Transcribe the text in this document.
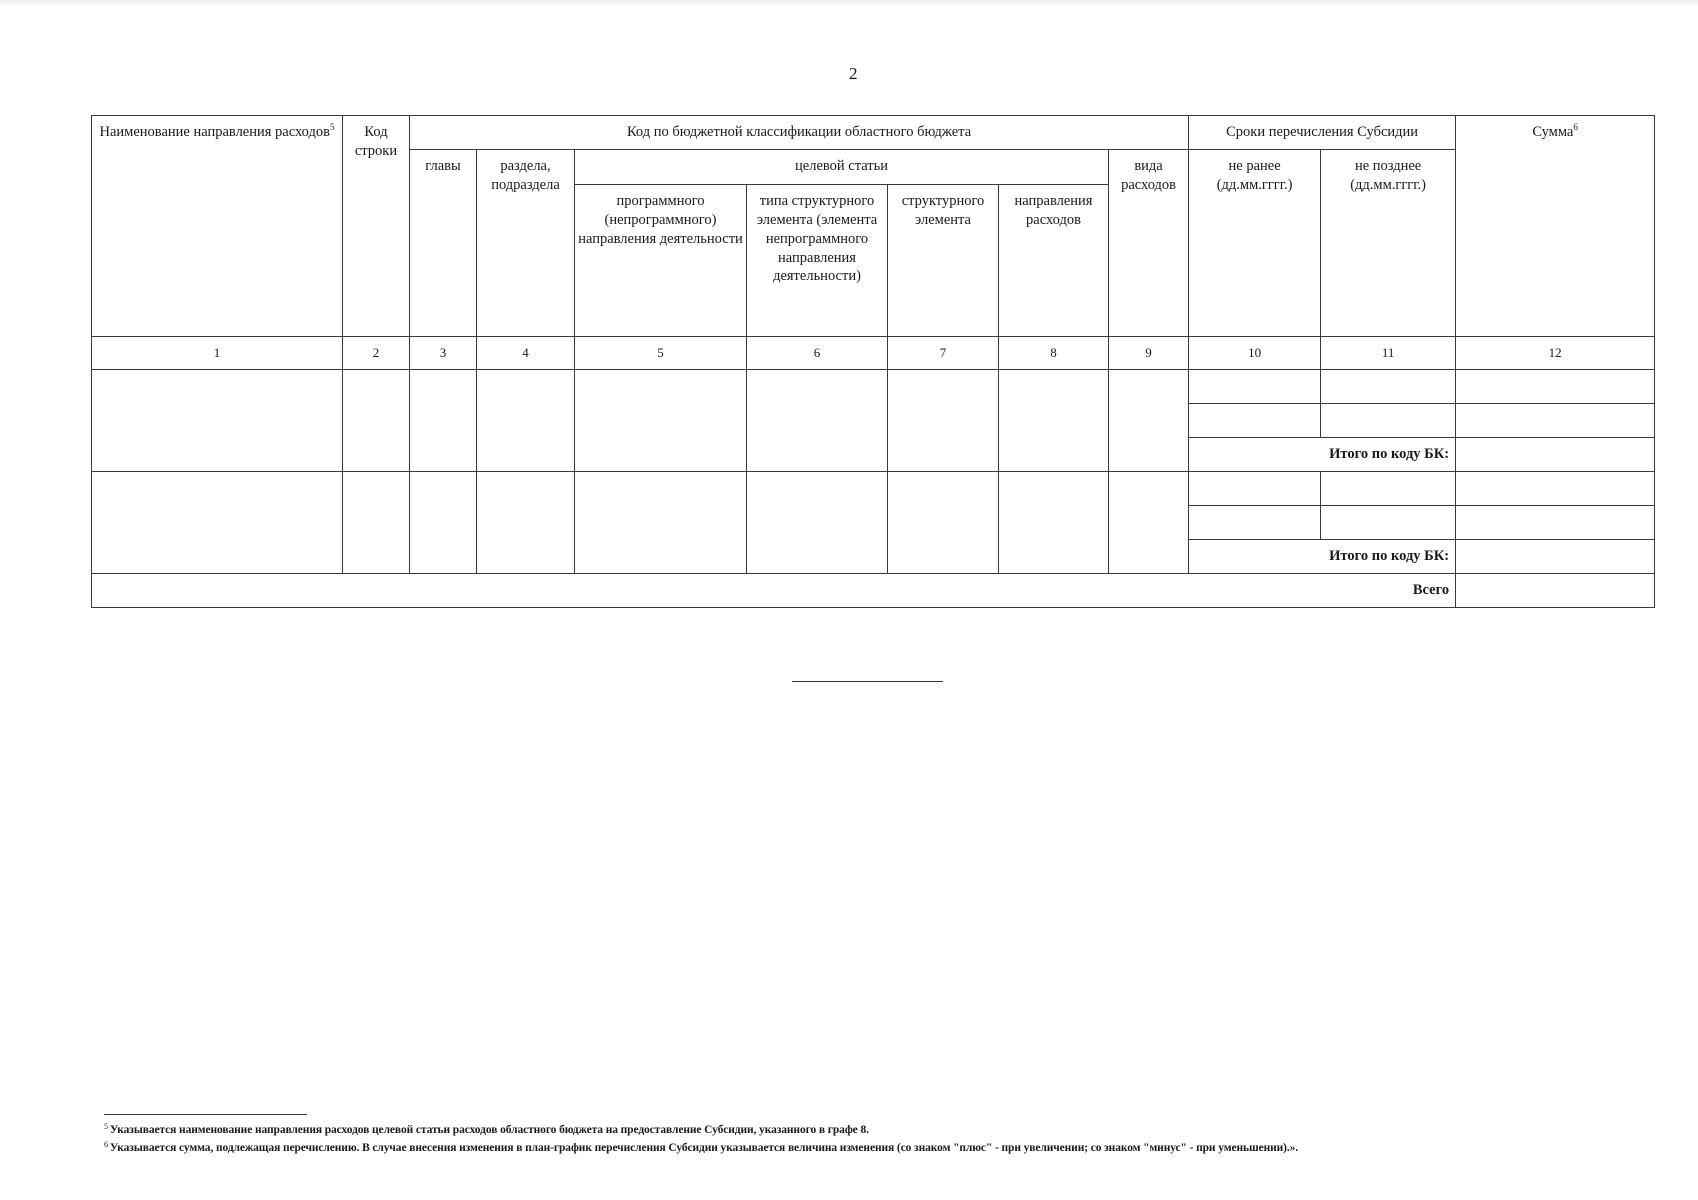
2
Наименование направления расходов$^5$	Код строки	Код по бюджетной классификации областного бюджета							Сроки перечисления Субсидии		Сумма$^6$
		главы	раздела, подраздела	целевой статьи				вида расходов	не ранее (дд.мм.гггг.)	не позднее (дд.мм.гггг.)	
				программного (непрограммного) направления деятельности	типа структурного элемента (элемента непрограммного направления деятельности)	структурного элемента	направления расходов				
1	2	3	4	5	6	7	8	9	10	11	12

									Итого по коду БК:		

									Итого по коду БК:		
Всего											
$^5$ Указывается наименование направления расходов целевой статьи расходов областного бюджета на предоставление Субсидии, указанного в графе 8.
$^6$ Указывается сумма, подлежащая перечислению. В случае внесения изменения в план-график перечисления Субсидии указывается величина изменения (со знаком "плюс" - при увеличении; со знаком "минус" - при уменьшении).».
